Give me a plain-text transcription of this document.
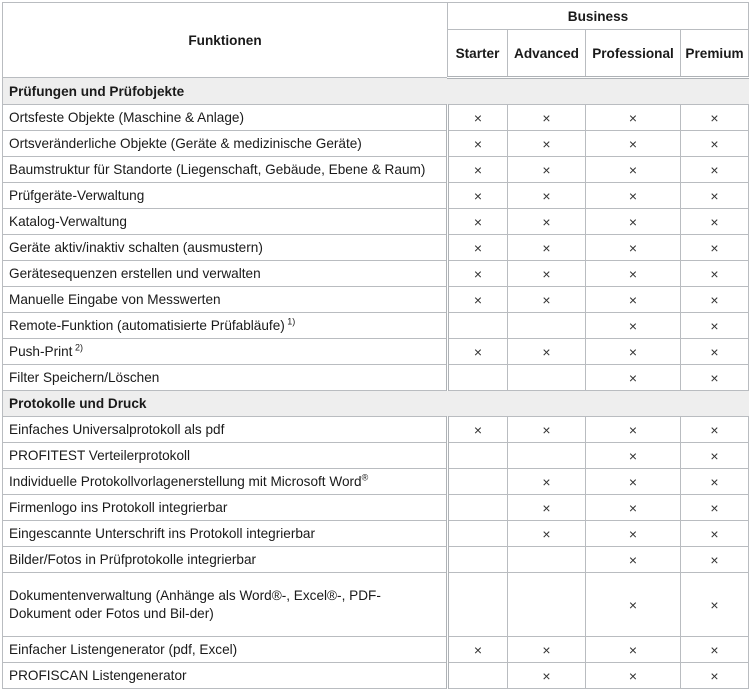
Funktionen	Business			
	Starter	Advanced	Professional	Premium
Prüfungen und Prüfobjekte				
Ortsfeste Objekte (Maschine & Anlage)	×	×	×	×
Ortsveränderliche Objekte (Geräte & medizinische Geräte)	×	×	×	×
Baumstruktur für Standorte (Liegenschaft, Gebäude, Ebene & Raum)	×	×	×	×
Prüfgeräte-Verwaltung	×	×	×	×
Katalog-Verwaltung	×	×	×	×
Geräte aktiv/inaktiv schalten (ausmustern)	×	×	×	×
Gerätesequenzen erstellen und verwalten	×	×	×	×
Manuelle Eingabe von Messwerten	×	×	×	×
Remote-Funktion (automatisierte Prüfabläufe) $^{1)}$			×	×
Push-Print $^{2)}$	×	×	×	×
Filter Speichern/Löschen			×	×
Protokolle und Druck				
Einfaches Universalprotokoll als pdf	×	×	×	×
PROFITEST Verteilerprotokoll			×	×
Individuelle Protokollvorlagenerstellung mit Microsoft Word®		×	×	×
Firmenlogo ins Protokoll integrierbar		×	×	×
Eingescannte Unterschrift ins Protokoll integrierbar		×	×	×
Bilder/Fotos in Prüfprotokolle integrierbar			×	×
Dokumentenverwaltung (Anhänge als Word®-, Excel®-, PDF-Dokument oder Fotos und Bil-der)			×	×
Einfacher Listengenerator (pdf, Excel)	×	×	×	×
PROFISCAN Listengenerator		×	×	×
